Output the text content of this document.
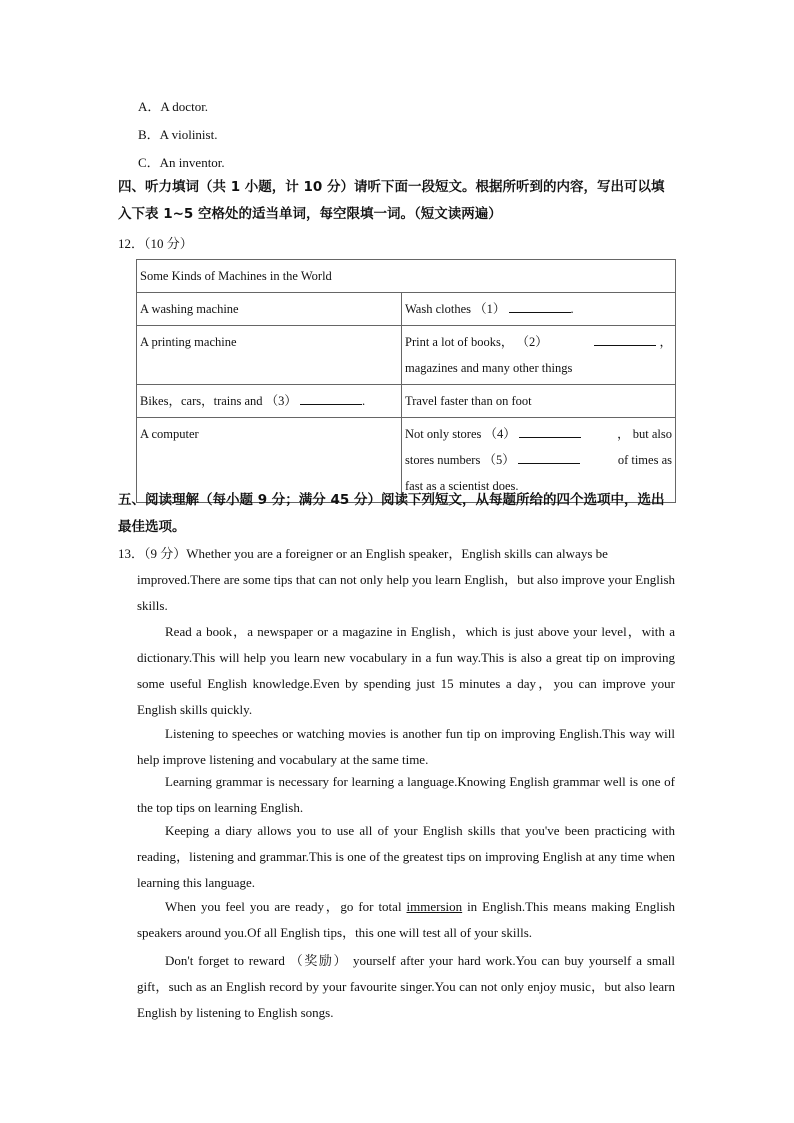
A．A doctor.
B．A violinist.
C．An inventor.
四、听力填词（共 1 小题，计 10 分）请听下面一段短文。根据所听到的内容，写出可以填
入下表 1~5 空格处的适当单词，每空限填一词。（短文读两遍）
12．（10 分）
Some Kinds of Machines in the World	
A washing machine	Wash clothes （1） .
A printing machine	Print a lot of books， （2） ，
magazines and many other things

Bikes，cars，trains and （3） .	Travel faster than on foot
A computer	Not only stores （4） ， but also
stores numbers （5） of times as
fast as a scientist does.
五、阅读理解（每小题 9 分；满分 45 分）阅读下列短文，从每题所给的四个选项中，选出
最佳选项。
13．（9 分）Whether you are a foreigner or an English speaker，English skills can always be
improved.There are some tips that can not only help you learn English，but also improve your English skills.
Read a book，a newspaper or a magazine in English，which is just above your level，with a dictionary.This will help you learn new vocabulary in a fun way.This is also a great tip on improving some useful English knowledge.Even by spending just 15 minutes a day，you can improve your English skills quickly.
Listening to speeches or watching movies is another fun tip on improving English.This way will help improve listening and vocabulary at the same time.
Learning grammar is necessary for learning a language.Knowing English grammar well is one of the top tips on learning English.
Keeping a diary allows you to use all of your English skills that you've been practicing with reading，listening and grammar.This is one of the greatest tips on improving English at any time when learning this language.
When you feel you are ready，go for total immersion in English.This means making English speakers around you.Of all English tips，this one will test all of your skills.
Don't forget to reward （奖励） yourself after your hard work.You can buy yourself a small gift，such as an English record by your favourite singer.You can not only enjoy music，but also learn English by listening to English songs.
